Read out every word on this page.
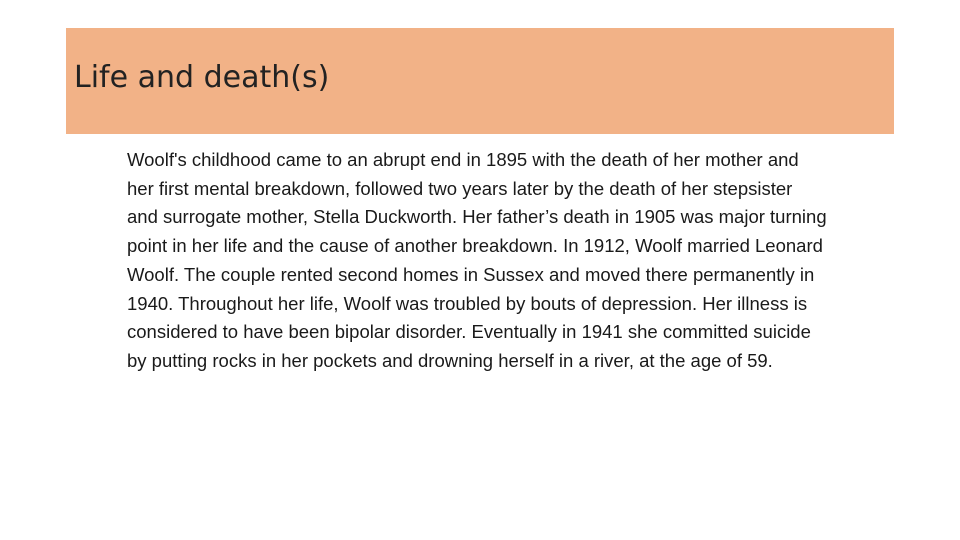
Life and death(s)

Woolf's childhood came to an abrupt end in 1895 with the death of her mother and her first mental breakdown, followed two years later by the death of her stepsister and surrogate mother, Stella Duckworth. Her father’s death in 1905 was major turning point in her life and the cause of another breakdown. In 1912, Woolf married Leonard Woolf. The couple rented second homes in Sussex and moved there permanently in 1940. Throughout her life, Woolf was troubled by bouts of depression. Her illness is considered to have been bipolar disorder. Eventually in 1941 she committed suicide by putting rocks in her pockets and drowning herself in a river, at the age of 59.
